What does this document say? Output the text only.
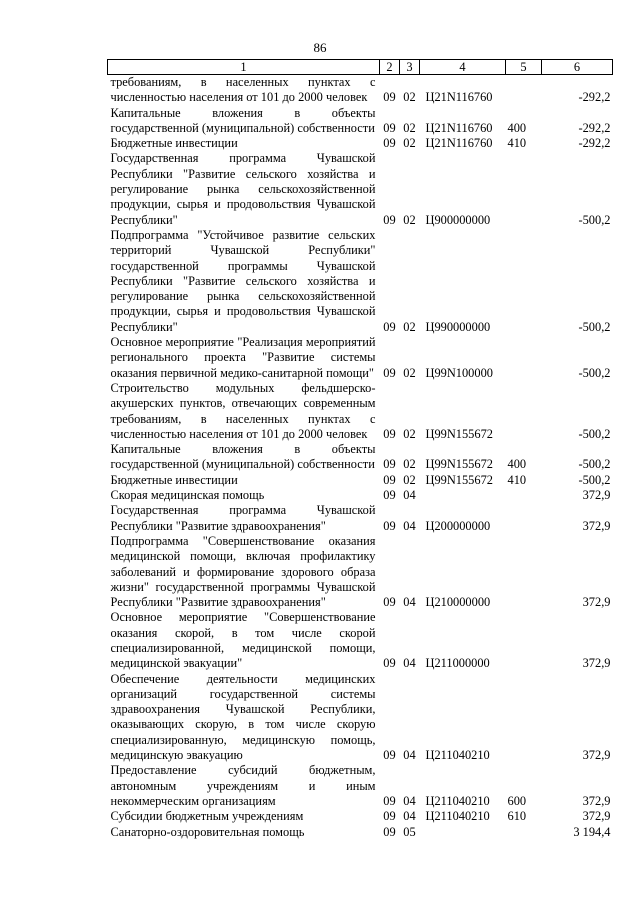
86
1	2	3	4	5	6
требованиям, в населенных пунктах с численностью населения от 101 до 2000 человек	09	02	Ц21N116760		-292,2
Капитальные вложения в объекты государственной (муниципальной) собственности	09	02	Ц21N116760	400	-292,2
Бюджетные инвестиции	09	02	Ц21N116760	410	-292,2
Государственная программа Чувашской Республики "Развитие сельского хозяйства и регулирование рынка сельскохозяйственной продукции, сырья и продовольствия Чувашской Республики"	09	02	Ц900000000		-500,2
Подпрограмма "Устойчивое развитие сельских территорий Чувашской Республики" государственной программы Чувашской Республики "Развитие сельского хозяйства и регулирование рынка сельскохозяйственной продукции, сырья и продовольствия Чувашской Республики"	09	02	Ц990000000		-500,2
Основное мероприятие "Реализация мероприятий регионального проекта "Развитие системы оказания первичной медико-санитарной помощи"	09	02	Ц99N100000		-500,2
Строительство модульных фельдшерско-акушерских пунктов, отвечающих современным требованиям, в населенных пунктах с численностью населения от 101 до 2000 человек	09	02	Ц99N155672		-500,2
Капитальные вложения в объекты государственной (муниципальной) собственности	09	02	Ц99N155672	400	-500,2
Бюджетные инвестиции	09	02	Ц99N155672	410	-500,2
Скорая медицинская помощь	09	04			372,9
Государственная программа Чувашской Республики "Развитие здравоохранения"	09	04	Ц200000000		372,9
Подпрограмма "Совершенствование оказания медицинской помощи, включая профилактику заболеваний и формирование здорового образа жизни" государственной программы Чувашской Республики "Развитие здравоохранения"	09	04	Ц210000000		372,9
Основное мероприятие "Совершенствование оказания скорой, в том числе скорой специализированной, медицинской помощи, медицинской эвакуации"	09	04	Ц211000000		372,9
Обеспечение деятельности медицинских организаций государственной системы здравоохранения Чувашской Республики, оказывающих скорую, в том числе скорую специализированную, медицинскую помощь, медицинскую эвакуацию	09	04	Ц211040210		372,9
Предоставление субсидий бюджетным, автономным учреждениям и иным некоммерческим организациям	09	04	Ц211040210	600	372,9
Субсидии бюджетным учреждениям	09	04	Ц211040210	610	372,9
Санаторно-оздоровительная помощь	09	05			3 194,4
